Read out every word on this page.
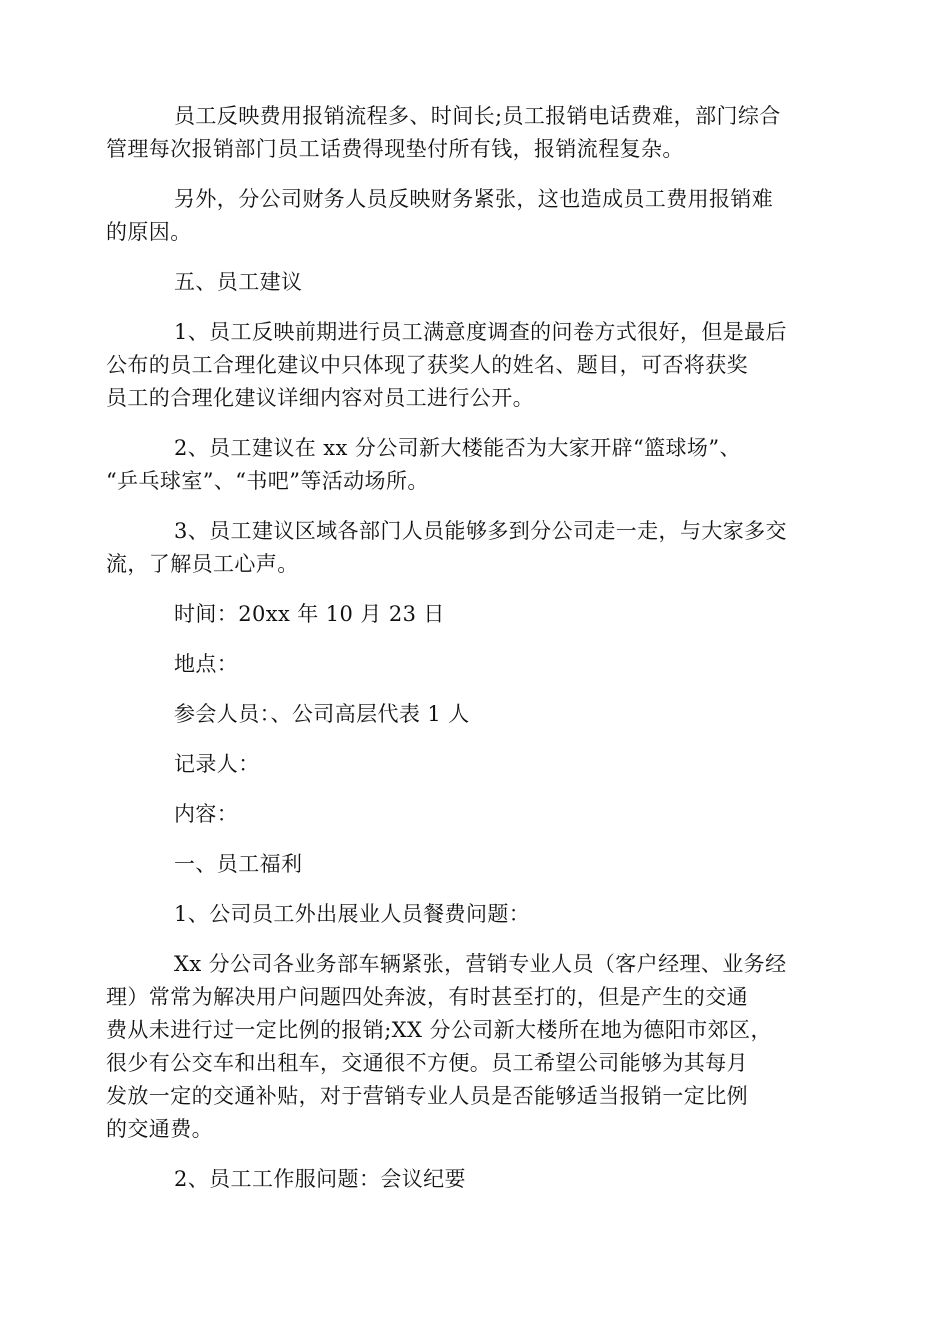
员工反映费用报销流程多、时间长;员工报销电话费难，部门综合
管理每次报销部门员工话费得现垫付所有钱，报销流程复杂。

另外，分公司财务人员反映财务紧张，这也造成员工费用报销难
的原因。

五、员工建议

1、员工反映前期进行员工满意度调查的问卷方式很好，但是最后
公布的员工合理化建议中只体现了获奖人的姓名、题目，可否将获奖
员工的合理化建议详细内容对员工进行公开。

2、员工建议在 xx 分公司新大楼能否为大家开辟“篮球场”、
“乒乓球室”、“书吧”等活动场所。

3、员工建议区域各部门人员能够多到分公司走一走，与大家多交
流，了解员工心声。

时间：20xx 年 10 月 23 日

地点：

参会人员：、公司高层代表 1 人

记录人：

内容：

一、员工福利

1、公司员工外出展业人员餐费问题：

Xx 分公司各业务部车辆紧张，营销专业人员（客户经理、业务经
理）常常为解决用户问题四处奔波，有时甚至打的，但是产生的交通
费从未进行过一定比例的报销;XX 分公司新大楼所在地为德阳市郊区，
很少有公交车和出租车，交通很不方便。员工希望公司能够为其每月
发放一定的交通补贴，对于营销专业人员是否能够适当报销一定比例
的交通费。

2、员工工作服问题：会议纪要
